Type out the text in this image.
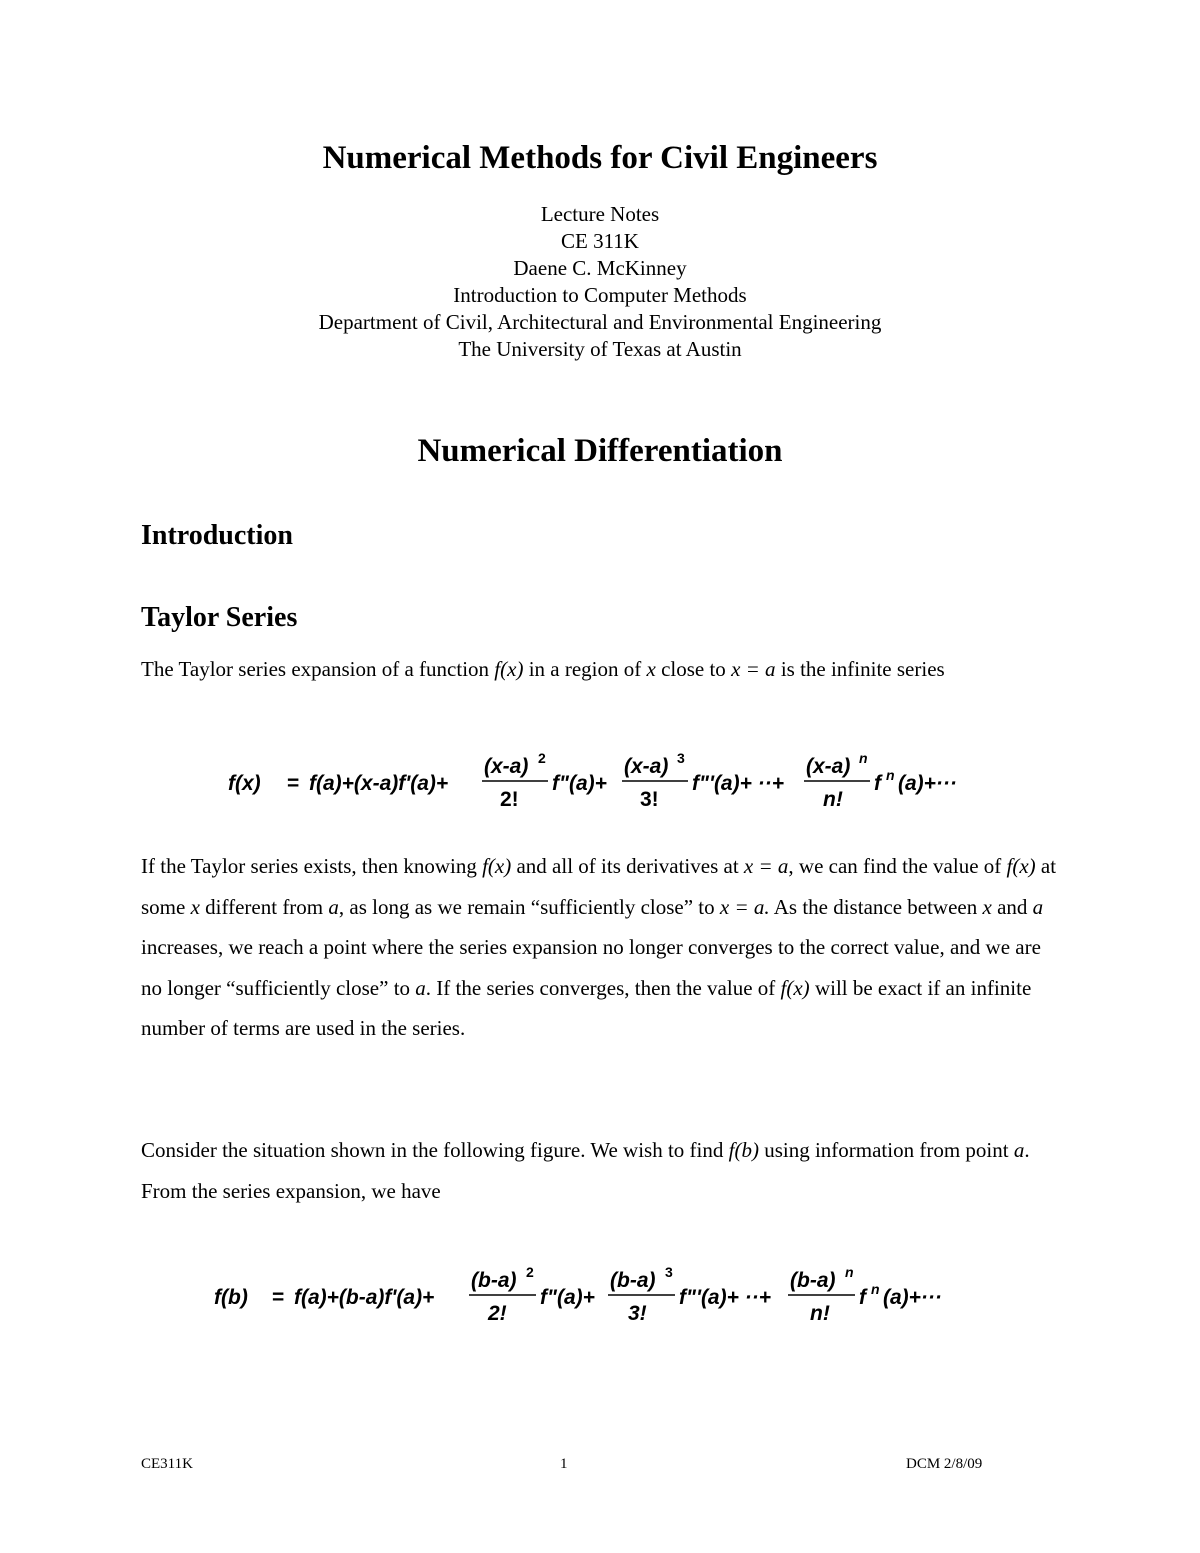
Numerical Methods for Civil Engineers
Lecture Notes
CE 311K
Daene C. McKinney
Introduction to Computer Methods
Department of Civil, Architectural and Environmental Engineering
The University of Texas at Austin
Numerical Differentiation
Introduction
Taylor Series

The Taylor series expansion of a function f(x) in a region of x close to x = a is the infinite series

f(x) = f(a)+(x-a)f'(a)+
(x-a) 2
2!
f"(a)+
(x-a) 3
3!
f"'(a)+ ··+
(x-a) n
n!
f n (a)+···

If the Taylor series exists, then knowing f(x) and all of its derivatives at x = a, we can find the value of f(x) at some x different from a, as long as we remain “sufficiently close” to x = a. As the distance between x and a increases, we reach a point where the series expansion no longer converges to the correct value, and we are no longer “sufficiently close” to a. If the series converges, then the value of f(x) will be exact if an infinite number of terms are used in the series.

Consider the situation shown in the following figure. We wish to find f(b) using information from point a. From the series expansion, we have

f(b) = f(a)+(b-a)f'(a)+
(b-a) 2
2!
f"(a)+
(b-a) 3
3!
f"'(a)+ ··+
(b-a) n
n!
f n (a)+···
CE311K	1	DCM 2/8/09
